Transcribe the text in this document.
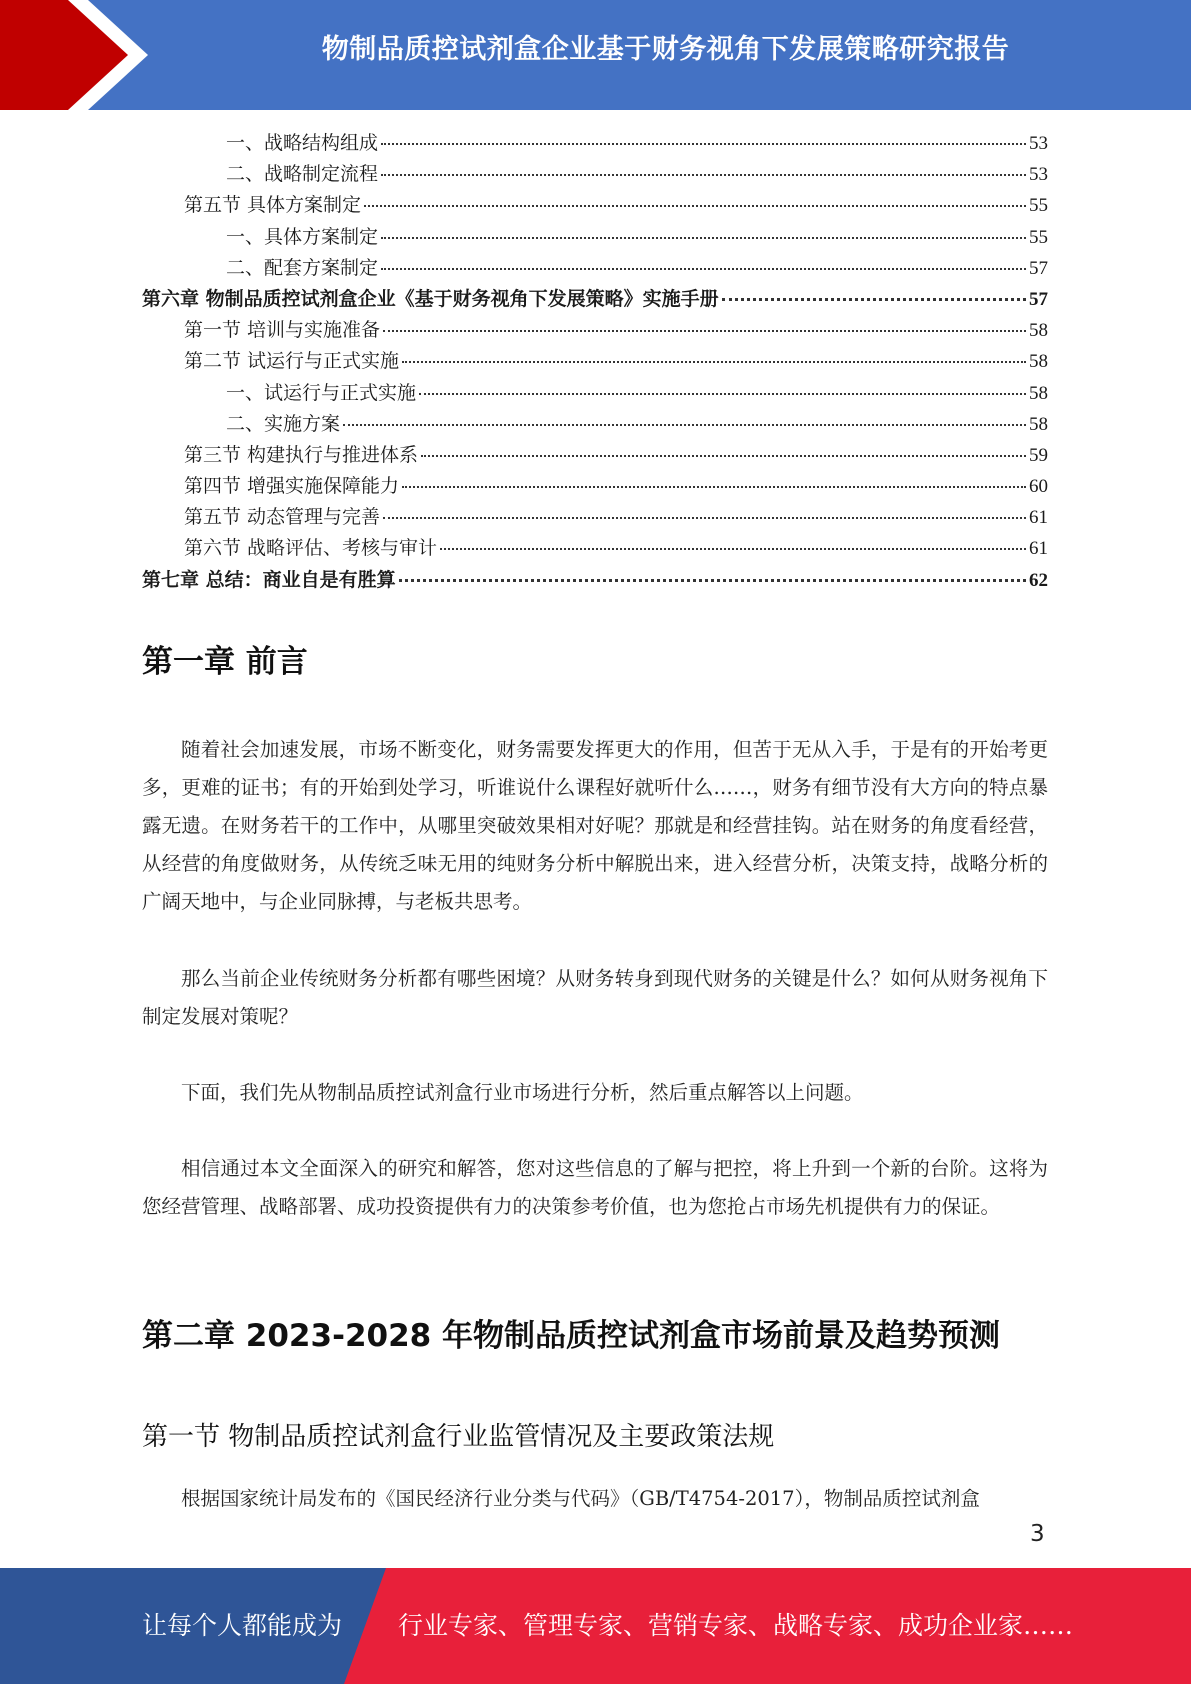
物制品质控试剂盒企业基于财务视角下发展策略研究报告
一、战略结构组成	53
二、战略制定流程	53
第五节 具体方案制定	55
一、具体方案制定	55
二、配套方案制定	57
第六章 物制品质控试剂盒企业《基于财务视角下发展策略》实施手册	57
第一节 培训与实施准备	58
第二节 试运行与正式实施	58
一、试运行与正式实施	58
二、实施方案	58
第三节 构建执行与推进体系	59
第四节 增强实施保障能力	60
第五节 动态管理与完善	61
第六节 战略评估、考核与审计	61
第七章 总结：商业自是有胜算	62
第一章 前言
随着社会加速发展，市场不断变化，财务需要发挥更大的作用，但苦于无从入手，于是有的开始考更多，更难的证书；有的开始到处学习，听谁说什么课程好就听什么……，财务有细节没有大方向的特点暴露无遗。在财务若干的工作中，从哪里突破效果相对好呢？那就是和经营挂钩。站在财务的角度看经营，从经营的角度做财务，从传统乏味无用的纯财务分析中解脱出来，进入经营分析，决策支持，战略分析的广阔天地中，与企业同脉搏，与老板共思考。
那么当前企业传统财务分析都有哪些困境？从财务转身到现代财务的关键是什么？如何从财务视角下制定发展对策呢？
下面，我们先从物制品质控试剂盒行业市场进行分析，然后重点解答以上问题。
相信通过本文全面深入的研究和解答，您对这些信息的了解与把控，将上升到一个新的台阶。这将为您经营管理、战略部署、成功投资提供有力的决策参考价值，也为您抢占市场先机提供有力的保证。
第二章 2023-2028 年物制品质控试剂盒市场前景及趋势预测
第一节 物制品质控试剂盒行业监管情况及主要政策法规
根据国家统计局发布的《国民经济行业分类与代码》（GB/T4754-2017），物制品质控试剂盒
3
让每个人都能成为 行业专家、管理专家、营销专家、战略专家、成功企业家……
